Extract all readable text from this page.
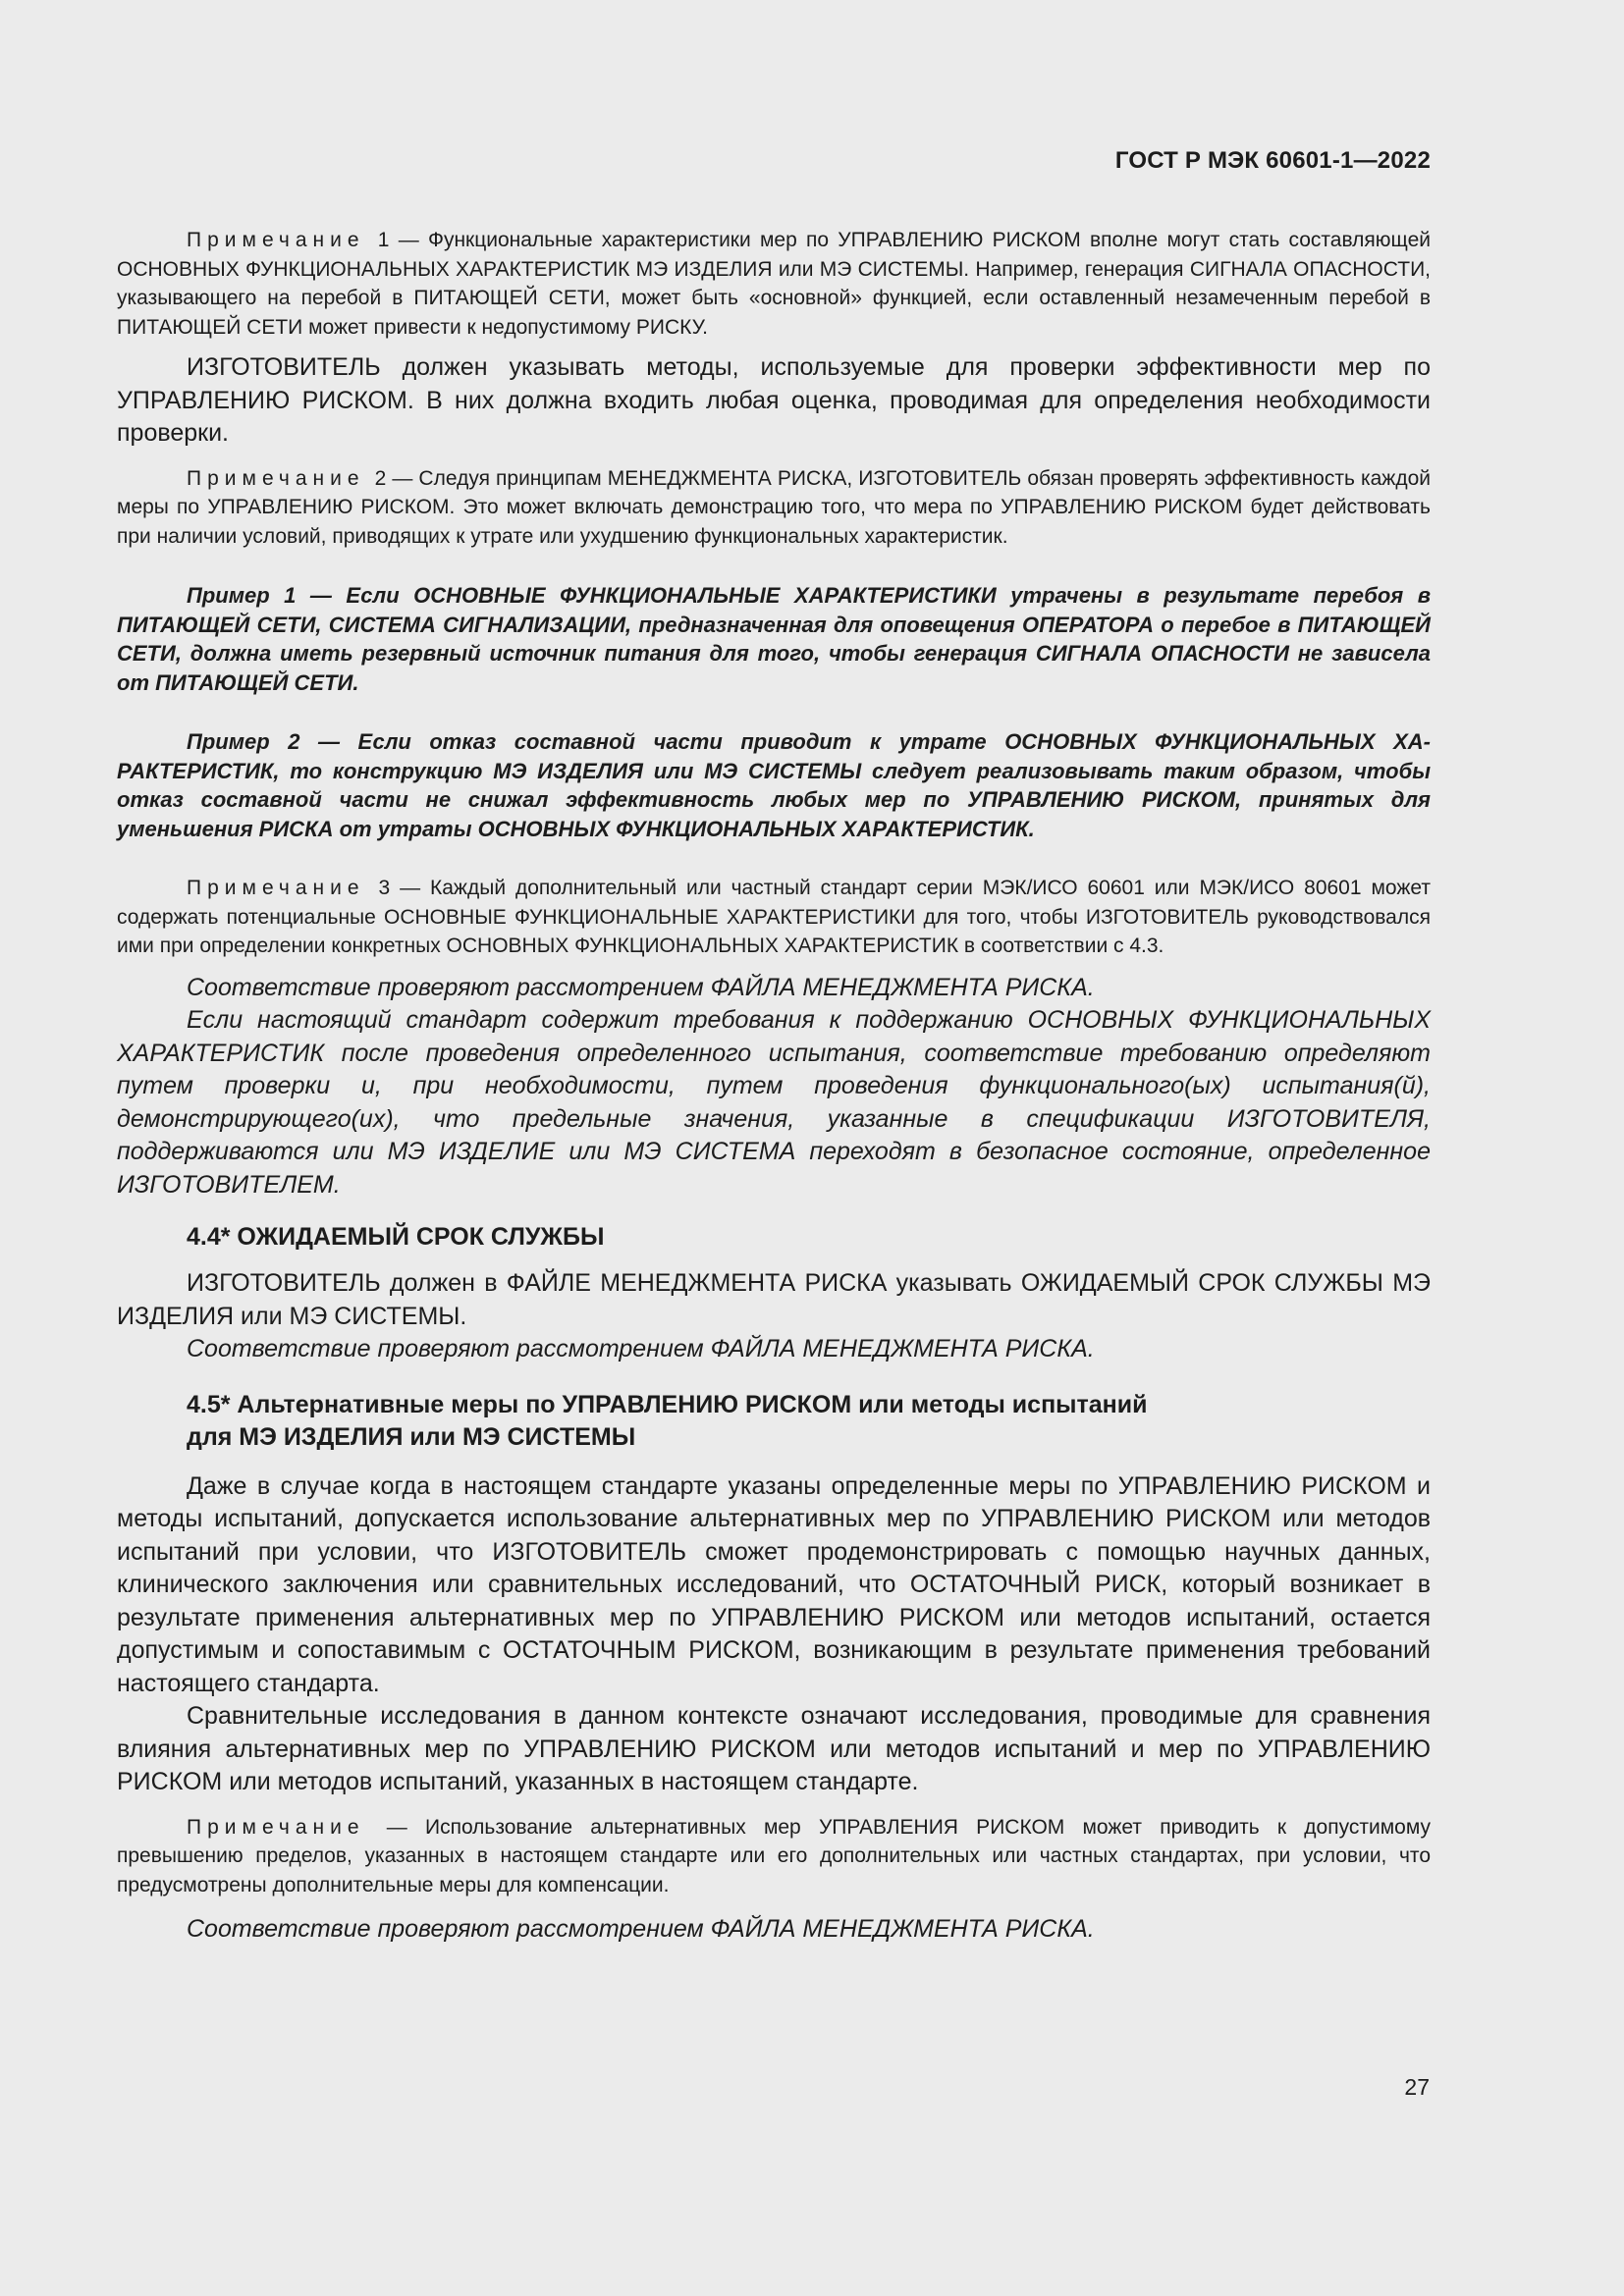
ГОСТ Р МЭК 60601-1—2022

Примечание 1 — Функциональные характеристики мер по УПРАВЛЕНИЮ РИСКОМ вполне могут стать составляющей ОСНОВНЫХ ФУНКЦИОНАЛЬНЫХ ХАРАКТЕРИСТИК МЭ ИЗДЕЛИЯ или МЭ СИСТЕМЫ. Например, генерация СИГНАЛА ОПАСНОСТИ, указывающего на перебой в ПИТАЮЩЕЙ СЕТИ, может быть «основной» функцией, если оставленный незамеченным перебой в ПИТАЮЩЕЙ СЕТИ может привести к недопустимому РИСКУ.

ИЗГОТОВИТЕЛЬ должен указывать методы, используемые для проверки эффективности мер по УПРАВЛЕНИЮ РИСКОМ. В них должна входить любая оценка, проводимая для определения необходимости проверки.

Примечание 2 — Следуя принципам МЕНЕДЖМЕНТА РИСКА, ИЗГОТОВИТЕЛЬ обязан проверять эффективность каждой меры по УПРАВЛЕНИЮ РИСКОМ. Это может включать демонстрацию того, что мера по УПРАВЛЕНИЮ РИСКОМ будет действовать при наличии условий, приводящих к утрате или ухудшению функциональных характеристик.

Пример 1 — Если ОСНОВНЫЕ ФУНКЦИОНАЛЬНЫЕ ХАРАКТЕРИСТИКИ утрачены в результате перебоя в ПИТАЮЩЕЙ СЕТИ, СИСТЕМА СИГНАЛИЗАЦИИ, предназначенная для оповещения ОПЕРАТОРА о перебое в ПИТАЮЩЕЙ СЕТИ, должна иметь резервный источник питания для того, чтобы генерация СИГНАЛА ОПАСНОСТИ не зависела от ПИТАЮЩЕЙ СЕТИ.

Пример 2 — Если отказ составной части приводит к утрате ОСНОВНЫХ ФУНКЦИОНАЛЬНЫХ ХАРАКТЕРИСТИК, то конструкцию МЭ ИЗДЕЛИЯ или МЭ СИСТЕМЫ следует реализовывать таким образом, чтобы отказ составной части не снижал эффективность любых мер по УПРАВЛЕНИЮ РИСКОМ, принятых для уменьшения РИСКА от утраты ОСНОВНЫХ ФУНКЦИОНАЛЬНЫХ ХАРАКТЕРИСТИК.

Примечание 3 — Каждый дополнительный или частный стандарт серии МЭК/ИСО 60601 или МЭК/ИСО 80601 может содержать потенциальные ОСНОВНЫЕ ФУНКЦИОНАЛЬНЫЕ ХАРАКТЕРИСТИКИ для того, чтобы ИЗГОТОВИТЕЛЬ руководствовался ими при определении конкретных ОСНОВНЫХ ФУНКЦИОНАЛЬНЫХ ХАРАКТЕРИСТИК в соответствии с 4.3.

Соответствие проверяют рассмотрением ФАЙЛА МЕНЕДЖМЕНТА РИСКА.

Если настоящий стандарт содержит требования к поддержанию ОСНОВНЫХ ФУНКЦИОНАЛЬНЫХ ХАРАКТЕРИСТИК после проведения определенного испытания, соответствие требованию определяют путем проверки и, при необходимости, путем проведения функционального(ых) испытания(й), демонстрирующего(их), что предельные значения, указанные в спецификации ИЗГОТОВИТЕЛЯ, поддерживаются или МЭ ИЗДЕЛИЕ или МЭ СИСТЕМА переходят в безопасное состояние, определенное ИЗГОТОВИТЕЛЕМ.

4.4* ОЖИДАЕМЫЙ СРОК СЛУЖБЫ

ИЗГОТОВИТЕЛЬ должен в ФАЙЛЕ МЕНЕДЖМЕНТА РИСКА указывать ОЖИДАЕМЫЙ СРОК СЛУЖБЫ МЭ ИЗДЕЛИЯ или МЭ СИСТЕМЫ.

Соответствие проверяют рассмотрением ФАЙЛА МЕНЕДЖМЕНТА РИСКА.

4.5* Альтернативные меры по УПРАВЛЕНИЮ РИСКОМ или методы испытаний
для МЭ ИЗДЕЛИЯ или МЭ СИСТЕМЫ

Даже в случае когда в настоящем стандарте указаны определенные меры по УПРАВЛЕНИЮ РИСКОМ и методы испытаний, допускается использование альтернативных мер по УПРАВЛЕНИЮ РИСКОМ или методов испытаний при условии, что ИЗГОТОВИТЕЛЬ сможет продемонстрировать с помощью научных данных, клинического заключения или сравнительных исследований, что ОСТАТОЧНЫЙ РИСК, который возникает в результате применения альтернативных мер по УПРАВЛЕНИЮ РИСКОМ или методов испытаний, остается допустимым и сопоставимым с ОСТАТОЧНЫМ РИСКОМ, возникающим в результате применения требований настоящего стандарта.

Сравнительные исследования в данном контексте означают исследования, проводимые для сравнения влияния альтернативных мер по УПРАВЛЕНИЮ РИСКОМ или методов испытаний и мер по УПРАВЛЕНИЮ РИСКОМ или методов испытаний, указанных в настоящем стандарте.

Примечание — Использование альтернативных мер УПРАВЛЕНИЯ РИСКОМ может приводить к допустимому превышению пределов, указанных в настоящем стандарте или его дополнительных или частных стандартах, при условии, что предусмотрены дополнительные меры для компенсации.

Соответствие проверяют рассмотрением ФАЙЛА МЕНЕДЖМЕНТА РИСКА.

27
